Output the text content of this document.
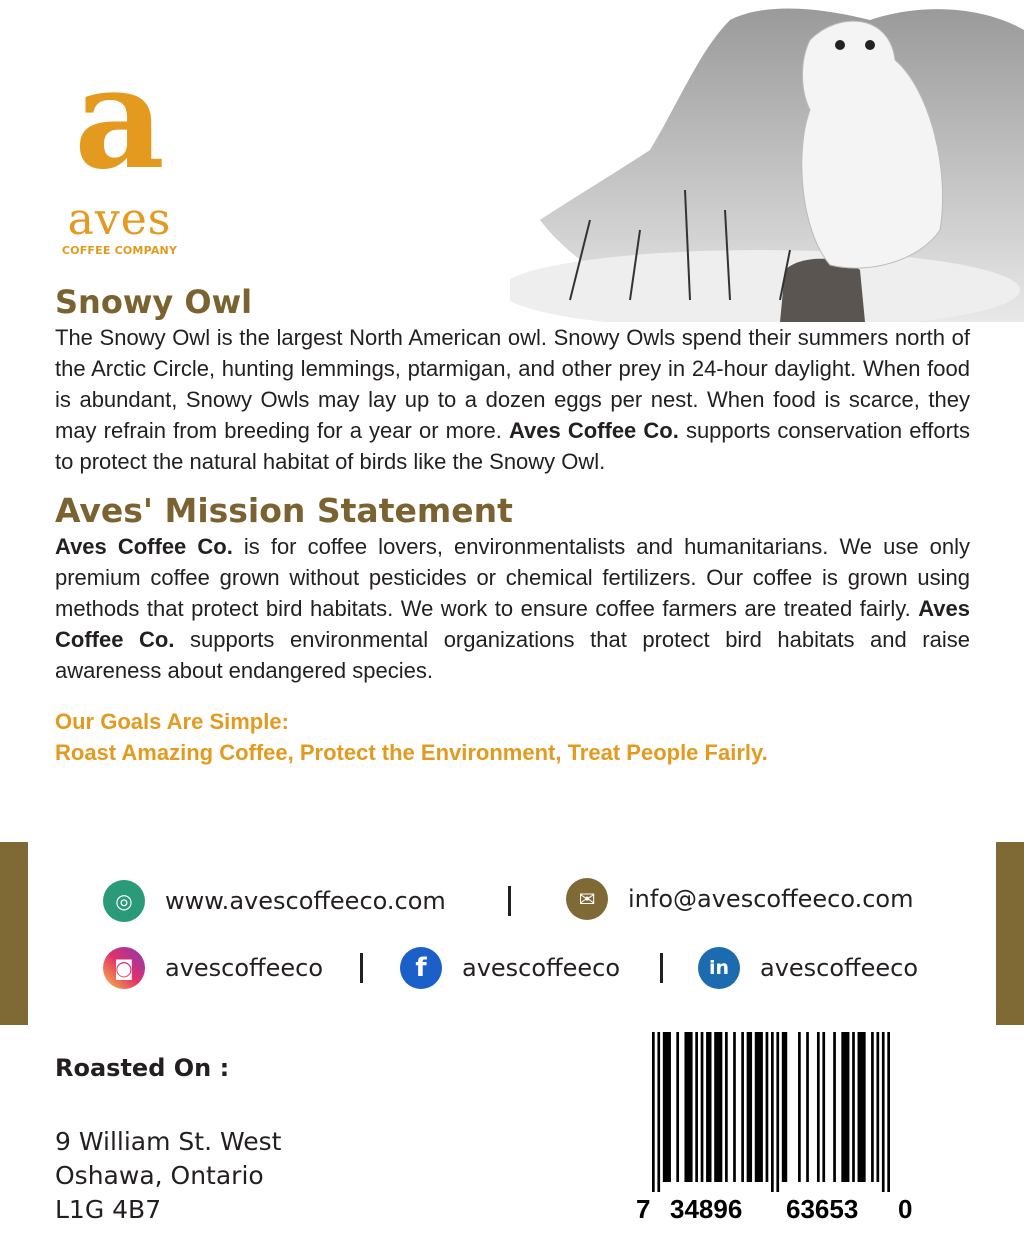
a
aves
COFFEE COMPANY
Snowy Owl
The Snowy Owl is the largest North American owl. Snowy Owls spend their summers north of the Arctic Circle, hunting lemmings, ptarmigan, and other prey in 24-hour daylight. When food is abundant, Snowy Owls may lay up to a dozen eggs per nest. When food is scarce, they may refrain from breeding for a year or more. Aves Coffee Co. supports conservation efforts to protect the natural habitat of birds like the Snowy Owl.
Aves' Mission Statement
Aves Coffee Co. is for coffee lovers, environmentalists and humanitarians. We use only premium coffee grown without pesticides or chemical fertilizers. Our coffee is grown using methods that protect bird habitats. We work to ensure coffee farmers are treated fairly. Aves Coffee Co. supports environmental organizations that protect bird habitats and raise awareness about endangered species.
Our Goals Are Simple:
Roast Amazing Coffee, Protect the Environment, Treat People Fairly.
◎	www.avescoffeeco.com	✉	info@avescoffeeco.com
◙	avescoffeeco	f	avescoffeeco	in	avescoffeeco
Roasted On :
9 William St. West
Oshawa, Ontario
L1G 4B7	7 34896 63653 0
